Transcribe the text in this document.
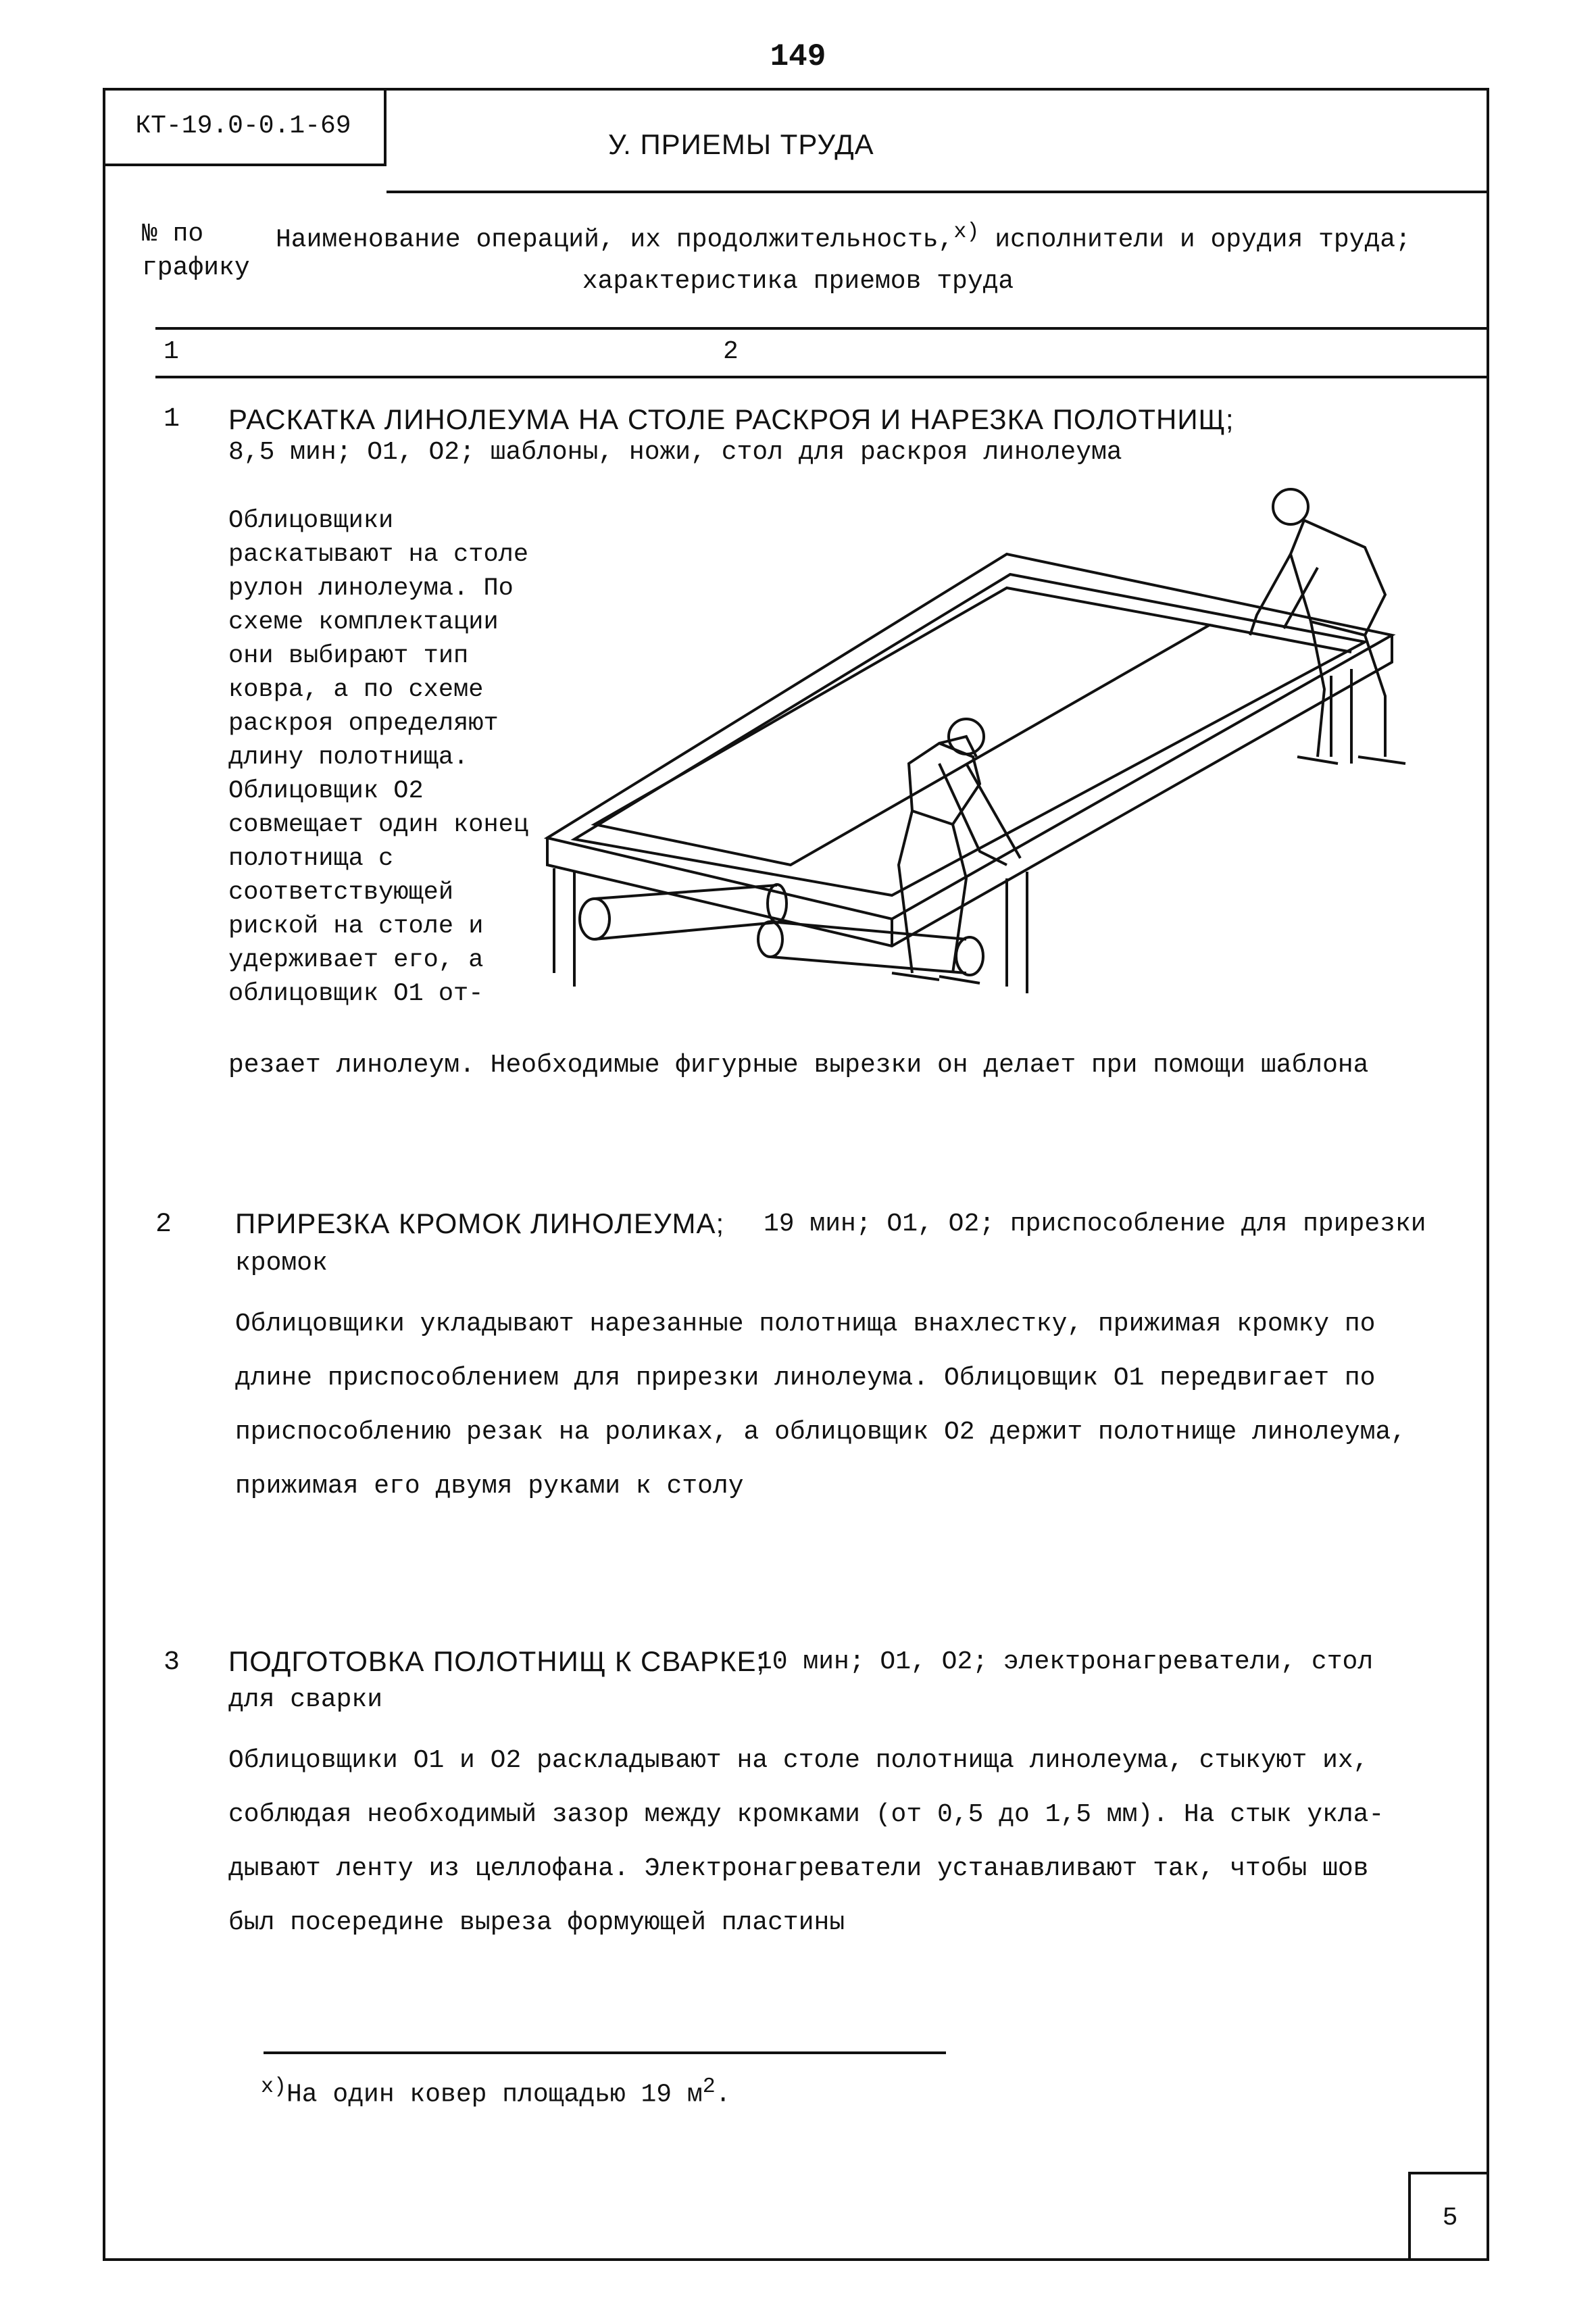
149
КТ-19.0-0.1-69
У. ПРИЕМЫ ТРУДА
№ по графику
Наименование операций, их продолжительность,$^{x)}$ исполнители и орудия труда;
характеристика приемов труда
1	2
1 РАСКАТКА ЛИНОЛЕУМА НА СТОЛЕ РАСКРОЯ И НАРЕЗКА ПОЛОТНИЩ;
8,5 мин; О1, О2; шаблоны, ножи, стол для раскроя линолеума
Облицовщики раскатывают на столе рулон линолеума. По схеме комплектации они выбирают тип ковра, а по схеме раскроя определяют длину полотнища. Облицовщик О2 совмещает один конец полотнища с соответствующей риской на столе и удерживает его, а облицовщик О1 от-
резает линолеум. Необходимые фигурные вырезки он делает при помощи шаблона
2 ПРИРЕЗКА КРОМОК ЛИНОЛЕУМА; 19 мин; О1, О2; приспособление для прирезки
кромок
Облицовщики укладывают нарезанные полотнища внахлестку, прижимая кромку по
длине приспособлением для прирезки линолеума. Облицовщик О1 передвигает по
приспособлению резак на роликах, а облицовщик О2 держит полотнище линолеума,
прижимая его двумя руками к столу
3 ПОДГОТОВКА ПОЛОТНИЩ К СВАРКЕ;
10 мин; О1, О2; электронагреватели, стол
для сварки
Облицовщики О1 и О2 раскладывают на столе полотнища линолеума, стыкуют их,
соблюдая необходимый зазор между кромками (от 0,5 до 1,5 мм). На стык укла-
дывают ленту из целлофана. Электронагреватели устанавливают так, чтобы шов
был посередине выреза формующей пластины
$^{x)}$На один ковер площадью 19 $м^2$.
5
